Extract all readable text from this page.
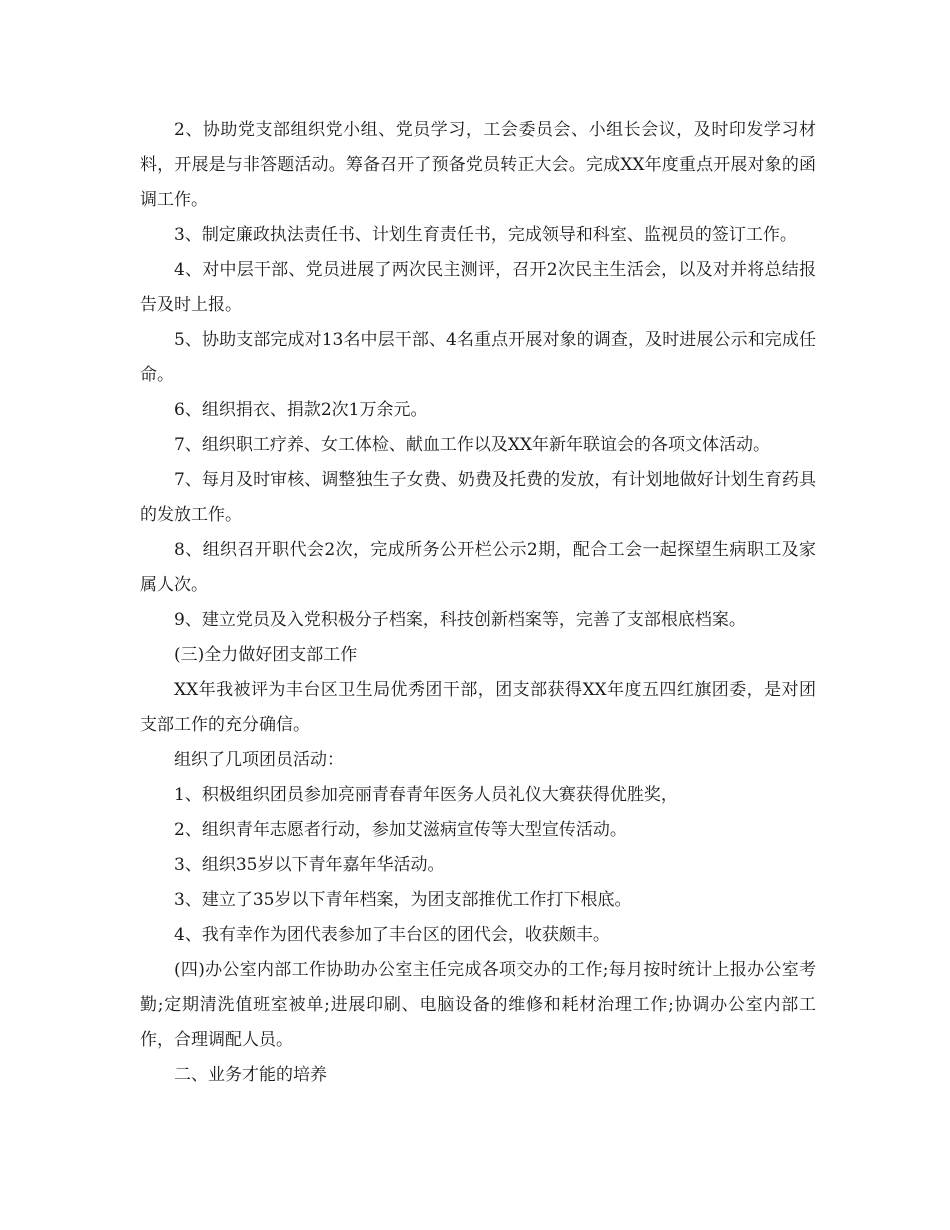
2、协助党支部组织党小组、党员学习，工会委员会、小组长会议，及时印发学习材料，开展是与非答题活动。筹备召开了预备党员转正大会。完成XX年度重点开展对象的函调工作。

3、制定廉政执法责任书、计划生育责任书，完成领导和科室、监视员的签订工作。

4、对中层干部、党员进展了两次民主测评，召开2次民主生活会，以及对并将总结报告及时上报。

5、协助支部完成对13名中层干部、4名重点开展对象的调查，及时进展公示和完成任命。

6、组织捐衣、捐款2次1万余元。

7、组织职工疗养、女工体检、献血工作以及XX年新年联谊会的各项文体活动。

7、每月及时审核、调整独生子女费、奶费及托费的发放，有计划地做好计划生育药具的发放工作。

8、组织召开职代会2次，完成所务公开栏公示2期，配合工会一起探望生病职工及家属人次。

9、建立党员及入党积极分子档案，科技创新档案等，完善了支部根底档案。

(三)全力做好团支部工作

XX年我被评为丰台区卫生局优秀团干部，团支部获得XX年度五四红旗团委，是对团支部工作的充分确信。

组织了几项团员活动：

1、积极组织团员参加亮丽青春青年医务人员礼仪大赛获得优胜奖，

2、组织青年志愿者行动，参加艾滋病宣传等大型宣传活动。

3、组织35岁以下青年嘉年华活动。

3、建立了35岁以下青年档案，为团支部推优工作打下根底。

4、我有幸作为团代表参加了丰台区的团代会，收获颇丰。

(四)办公室内部工作协助办公室主任完成各项交办的工作;每月按时统计上报办公室考勤;定期清洗值班室被单;进展印刷、电脑设备的维修和耗材治理工作;协调办公室内部工作，合理调配人员。

二、业务才能的培养
